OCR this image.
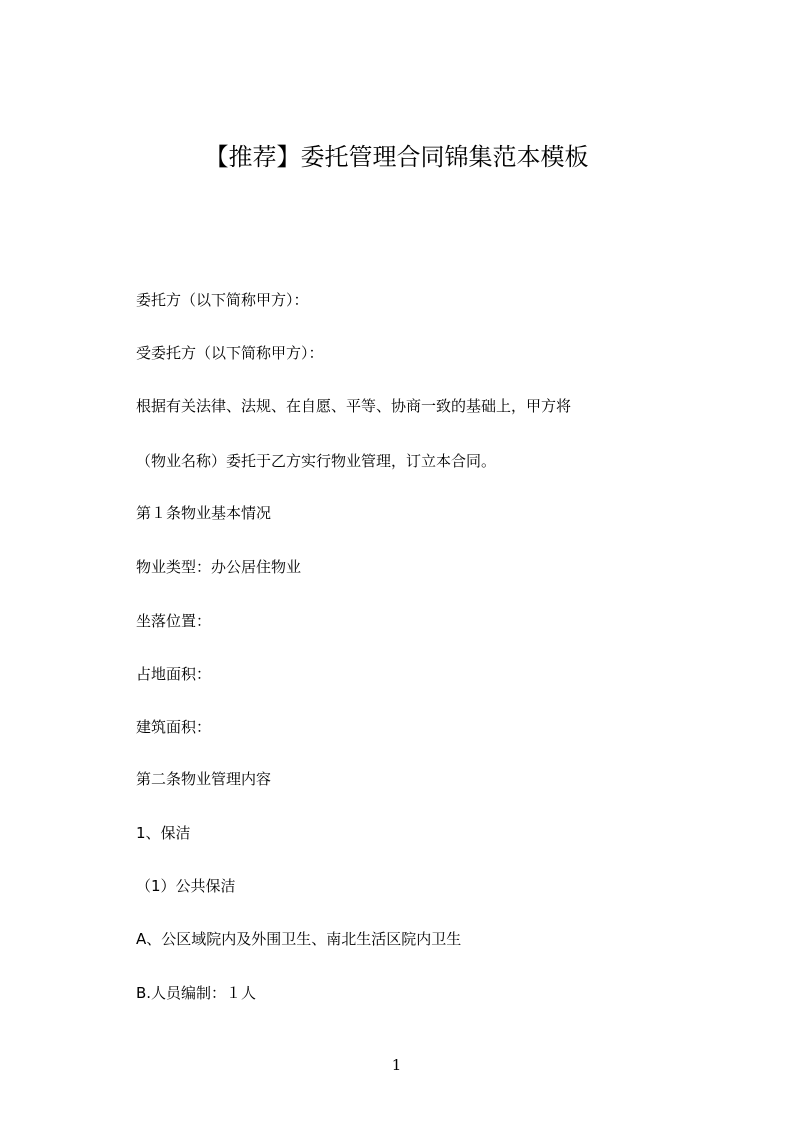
【推荐】委托管理合同锦集范本模板

委托方（以下简称甲方）：

受委托方（以下简称甲方）：

根据有关法律、法规、在自愿、平等、协商一致的基础上，甲方将

（物业名称）委托于乙方实行物业管理，订立本合同。

第１条物业基本情况

物业类型：办公居住物业

坐落位置：

占地面积：

建筑面积：

第二条物业管理内容

1、保洁

（1）公共保洁

A、公区域院内及外围卫生、南北生活区院内卫生

B.人员编制：１人

1
